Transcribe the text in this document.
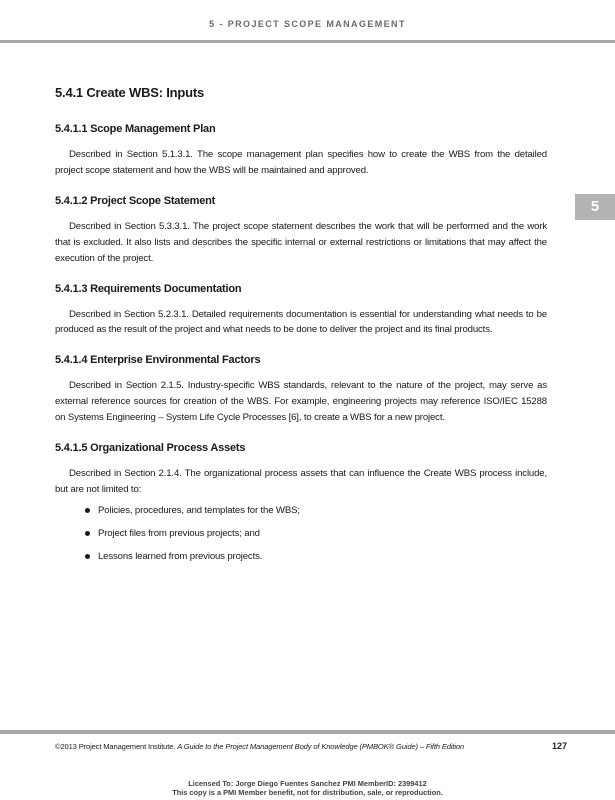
5 - PROJECT SCOPE MANAGEMENT
5
5.4.1 Create WBS: Inputs
5.4.1.1 Scope Management Plan

Described in Section 5.1.3.1. The scope management plan specifies how to create the WBS from the detailed project scope statement and how the WBS will be maintained and approved.

5.4.1.2 Project Scope Statement

Described in Section 5.3.3.1. The project scope statement describes the work that will be performed and the work that is excluded. It also lists and describes the specific internal or external restrictions or limitations that may affect the execution of the project.

5.4.1.3 Requirements Documentation

Described in Section 5.2.3.1. Detailed requirements documentation is essential for understanding what needs to be produced as the result of the project and what needs to be done to deliver the project and its final products.

5.4.1.4 Enterprise Environmental Factors

Described in Section 2.1.5. Industry-specific WBS standards, relevant to the nature of the project, may serve as external reference sources for creation of the WBS. For example, engineering projects may reference ISO/IEC 15288 on Systems Engineering – System Life Cycle Processes [6], to create a WBS for a new project.

5.4.1.5 Organizational Process Assets

Described in Section 2.1.4. The organizational process assets that can influence the Create WBS process include, but are not limited to:

Policies, procedures, and templates for the WBS;
Project files from previous projects; and
Lessons learned from previous projects.
©2013 Project Management Institute. A Guide to the Project Management Body of Knowledge (PMBOK® Guide) – Fifth Edition	127
Licensed To: Jorge Diego Fuentes Sanchez PMI MemberID: 2399412
This copy is a PMI Member benefit, not for distribution, sale, or reproduction.
